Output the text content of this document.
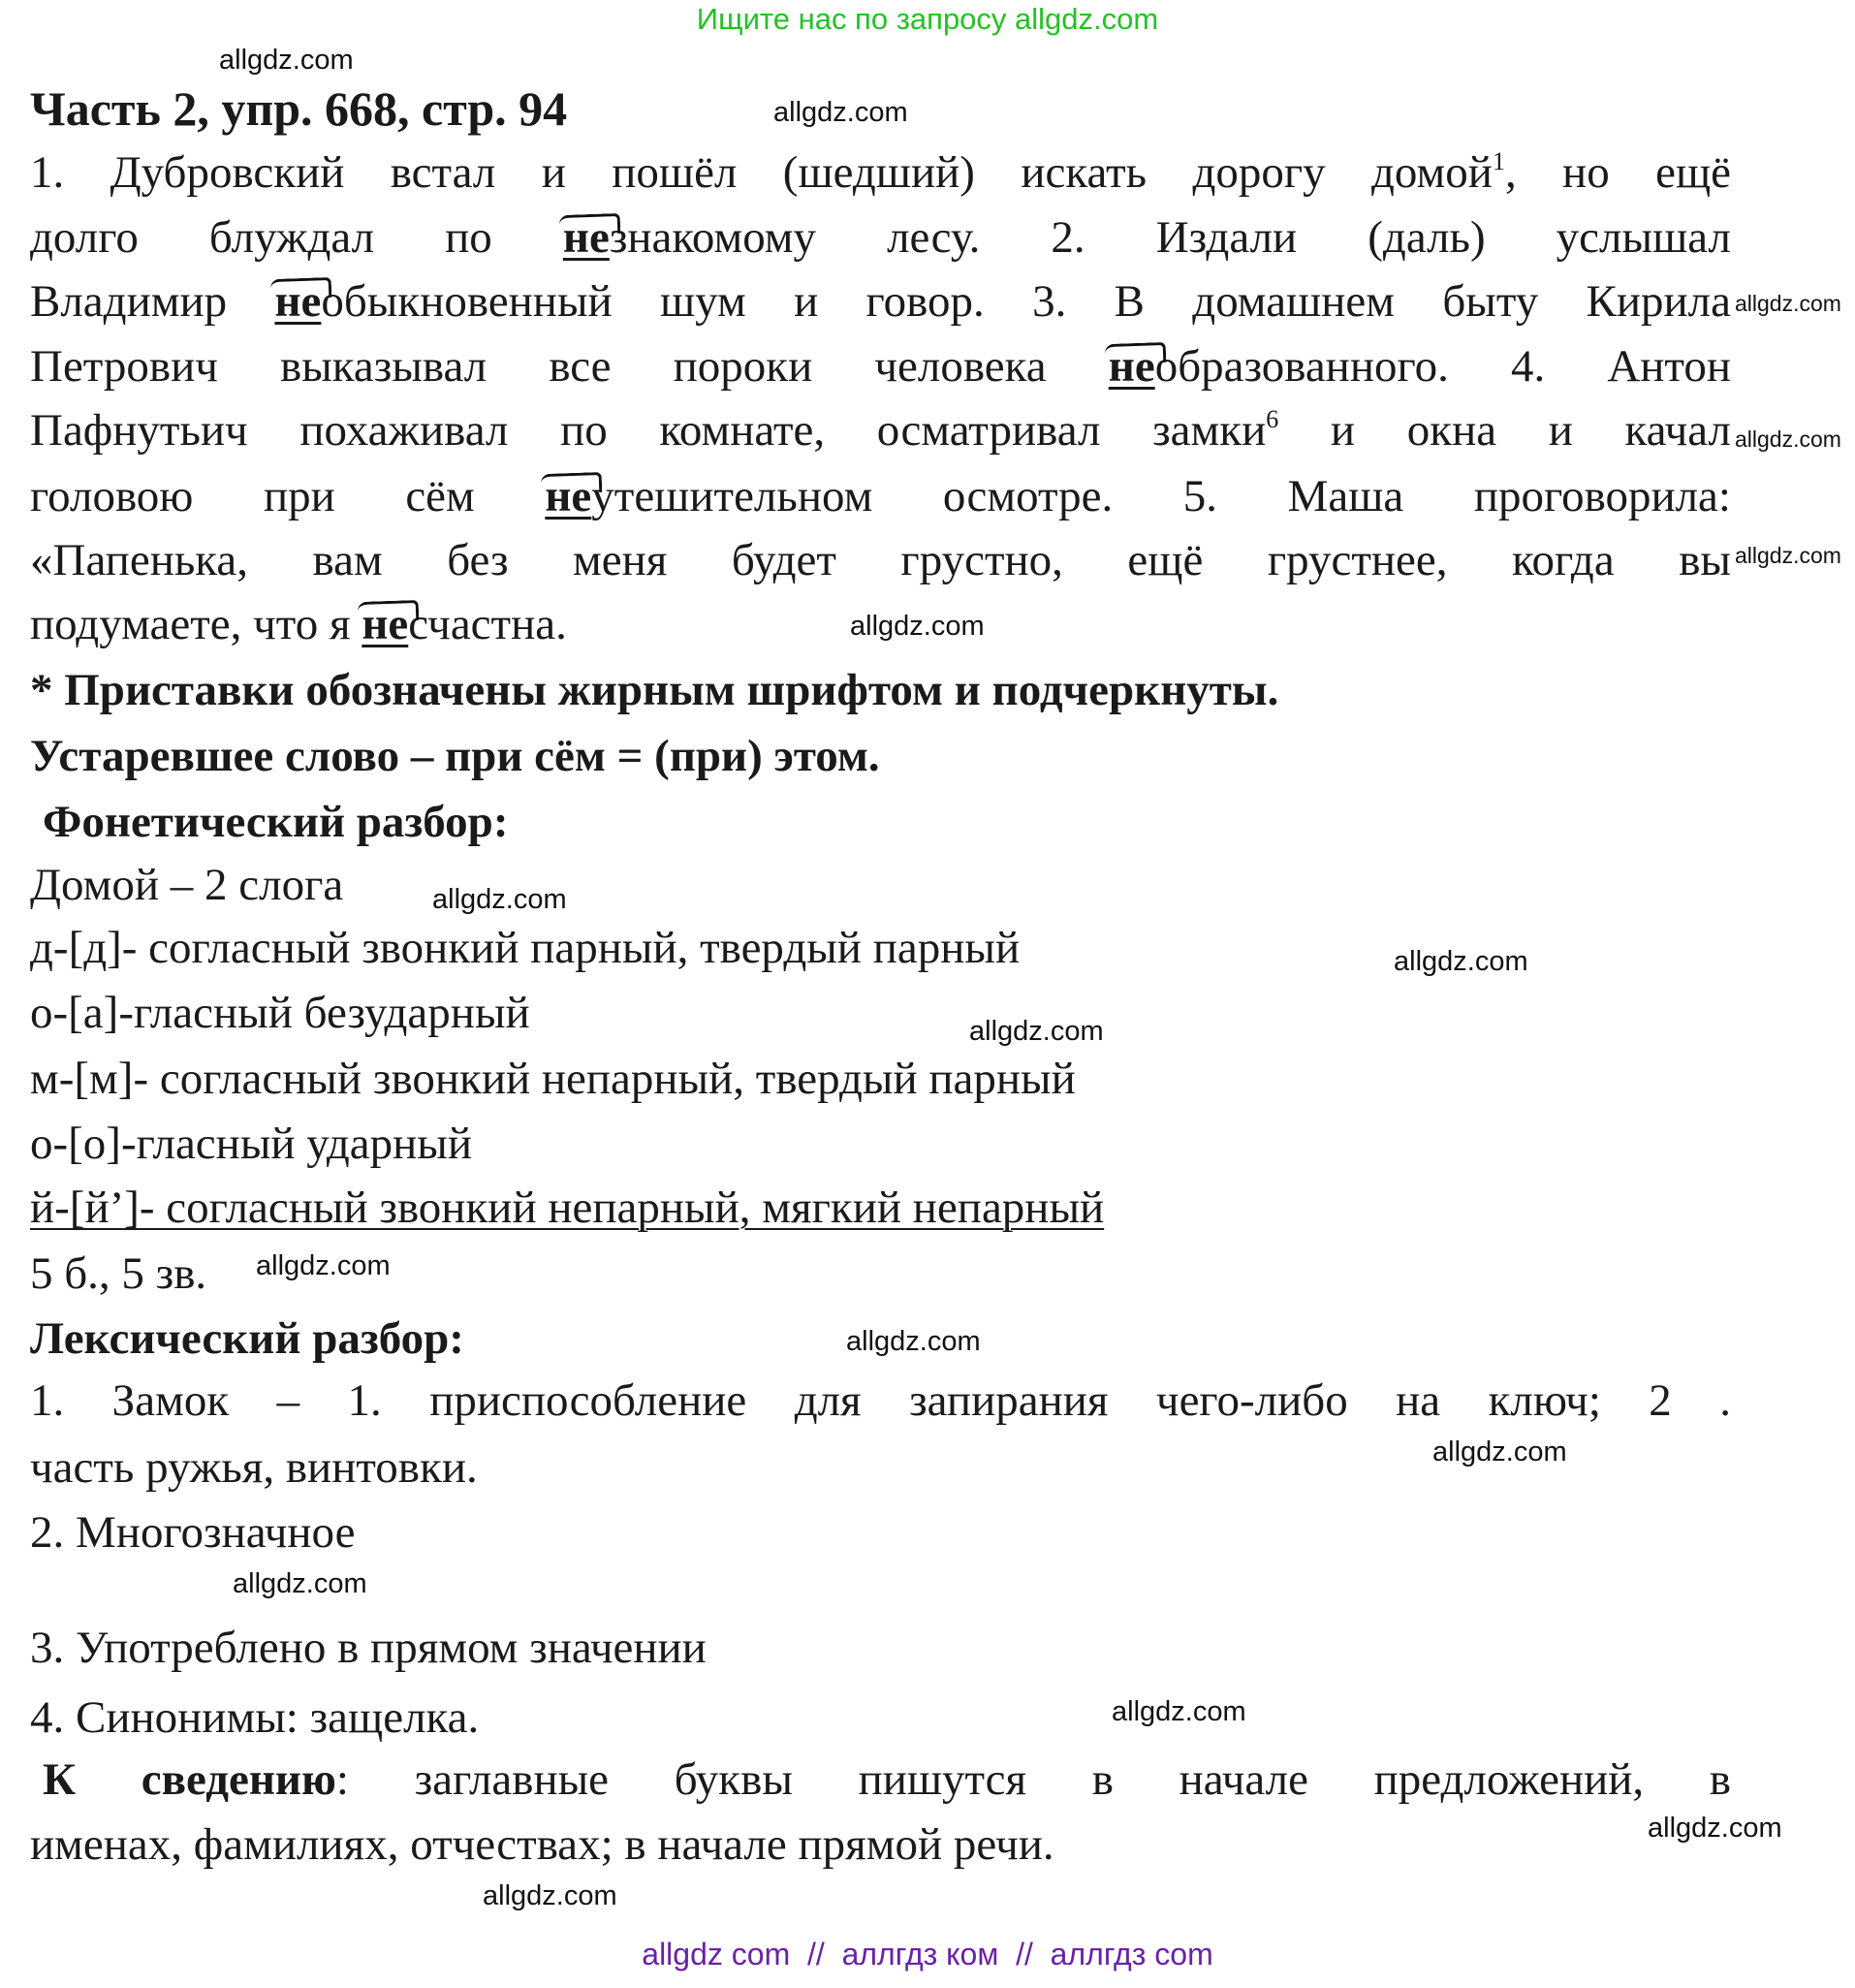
Ищите нас по запросу allgdz.com
Часть 2, упр. 668, стр. 94
1. Дубровский встал и пошёл (шедший) искать дорогу домой$^1$, но ещё
долго блуждал по незнакомому лесу. 2. Издали (даль) услышал
Владимир необыкновенный шум и говор. 3. В домашнем быту Кирила
Петрович выказывал все пороки человека необразованного. 4. Антон
Пафнутьич похаживал по комнате, осматривал замки$^6$ и окна и качал
головою при сём неутешительном осмотре. 5. Маша проговорила:
«Папенька, вам без меня будет грустно, ещё грустнее, когда вы
подумаете, что я несчастна.
* Приставки обозначены жирным шрифтом и подчеркнуты.
Устаревшее слово – при сём = (при) этом.
Фонетический разбор:
Домой – 2 слога
д-[д]- согласный звонкий парный, твердый парный
о-[а]-гласный безударный
м-[м]- согласный звонкий непарный, твердый парный
о-[о]-гласный ударный
й-[й’]- согласный звонкий непарный, мягкий непарный
5 б., 5 зв.
Лексический разбор:
1. Замок – 1. приспособление для запирания чего-либо на ключ; 2 .
часть ружья, винтовки.
2. Многозначное
3. Употреблено в прямом значении
4. Синонимы: защелка.
К сведению: заглавные буквы пишутся в начале предложений, в
именах, фамилиях, отчествах; в начале прямой речи.
allgdz.com
allgdz.com
allgdz.com
allgdz.com
allgdz.com
allgdz.com
allgdz.com
allgdz.com
allgdz.com
allgdz.com
allgdz.com
allgdz.com
allgdz.com
allgdz.com
allgdz.com
allgdz.com
allgdz com  //  аллгдз ком  //  аллгдз com
